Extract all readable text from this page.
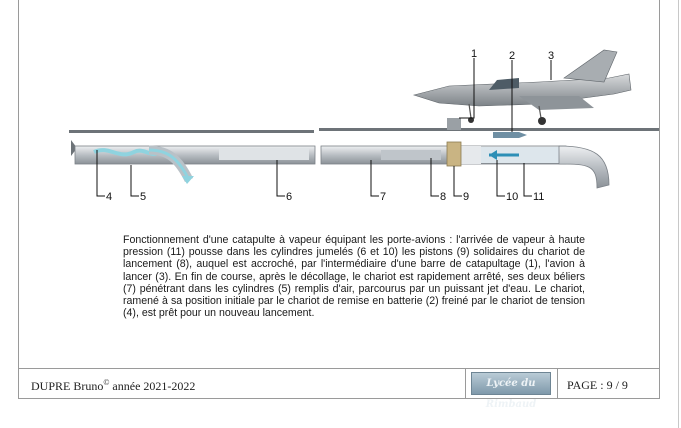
1	2	3
4	5	6	7	8 9	10 11
Fonctionnement d'une catapulte à vapeur équipant les porte-avions : l'arrivée de vapeur à haute pression (11) pousse dans les cylindres jumelés (6 et 10) les pistons (9) solidaires du chariot de lancement (8), auquel est accroché, par l'intermédiaire d'une barre de catapultage (1), l'avion à lancer (3). En fin de course, après le décollage, le chariot est rapidement arrêté, ses deux béliers (7) pénétrant dans les cylindres (5) remplis d'air, parcourus par un puissant jet d'eau. Le chariot, ramené à sa position initiale par le chariot de remise en batterie (2) freiné par le chariot de tension (4), est prêt pour un nouveau lancement.
DUPRE Bruno© année 2021-2022	Lycée du Rimbaud
PAGE : 9 / 9
